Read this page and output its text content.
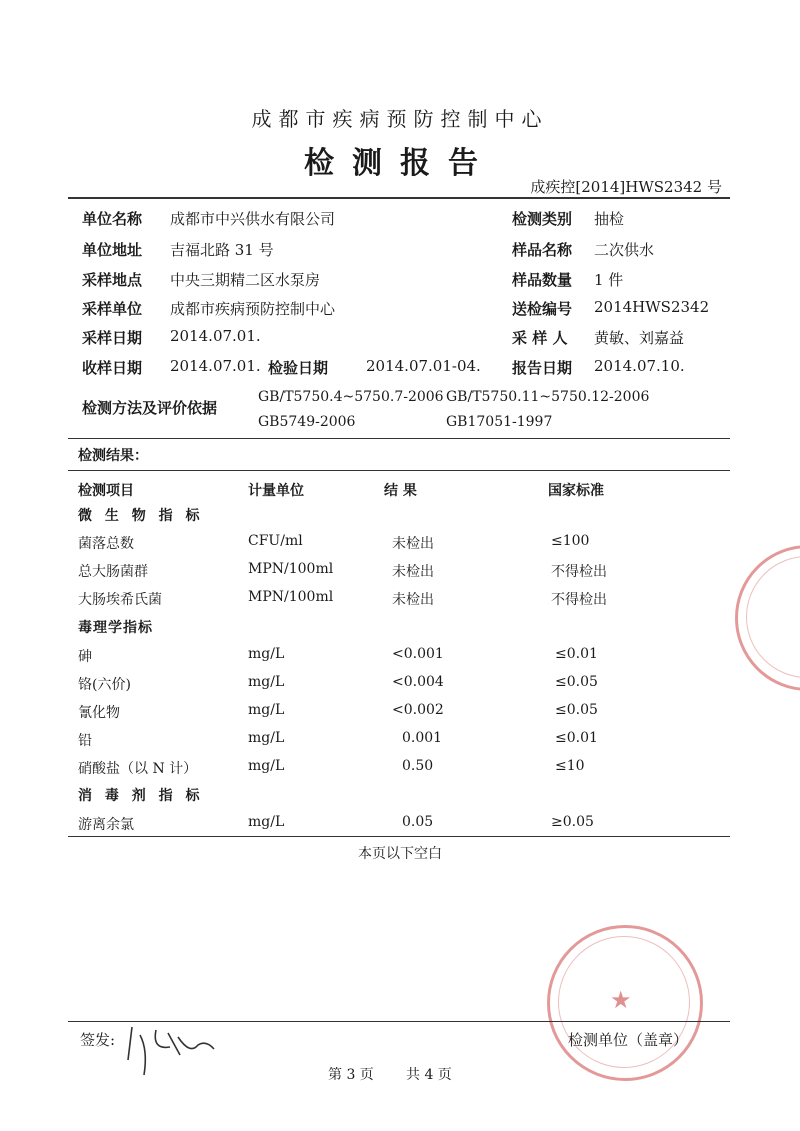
成都市疾病预防控制中心
检测报告
成疾控[2014]HWS2342 号
单位名称 成都市中兴供水有限公司	检测类别 抽检
单位地址 吉福北路 31 号	样品名称 二次供水
采样地点 中央三期精二区水泵房	样品数量 1 件
采样单位 成都市疾病预防控制中心	送检编号 2014HWS2342
采样日期 2014.07.01.	采 样 人 黄敏、刘嘉益
收样日期 2014.07.01. 检验日期	2014.07.01-04. 报告日期 2014.07.10.
检测方法及评价依据
GB/T5750.4~5750.7-2006 GB/T5750.11~5750.12-2006
GB5749-2006	GB17051-1997
检测结果：
检测项目	计量单位	结 果	国家标准
微 生 物 指 标
菌落总数	CFU/ml	未检出	≤100
总大肠菌群	MPN/100ml	未检出	不得检出
大肠埃希氏菌	MPN/100ml	未检出	不得检出
毒理学指标
砷	mg/L	<0.001	≤0.01
铬(六价)	mg/L	<0.004	≤0.05
氰化物	mg/L	<0.002	≤0.05
铅	mg/L	0.001	≤0.01
硝酸盐（以 N 计）	mg/L	0.50	≤10
消 毒 剂 指 标
游离余氯	mg/L	0.05	≥0.05
本页以下空白
★
签发:	检测单位（盖章）
第 3 页 共 4 页
